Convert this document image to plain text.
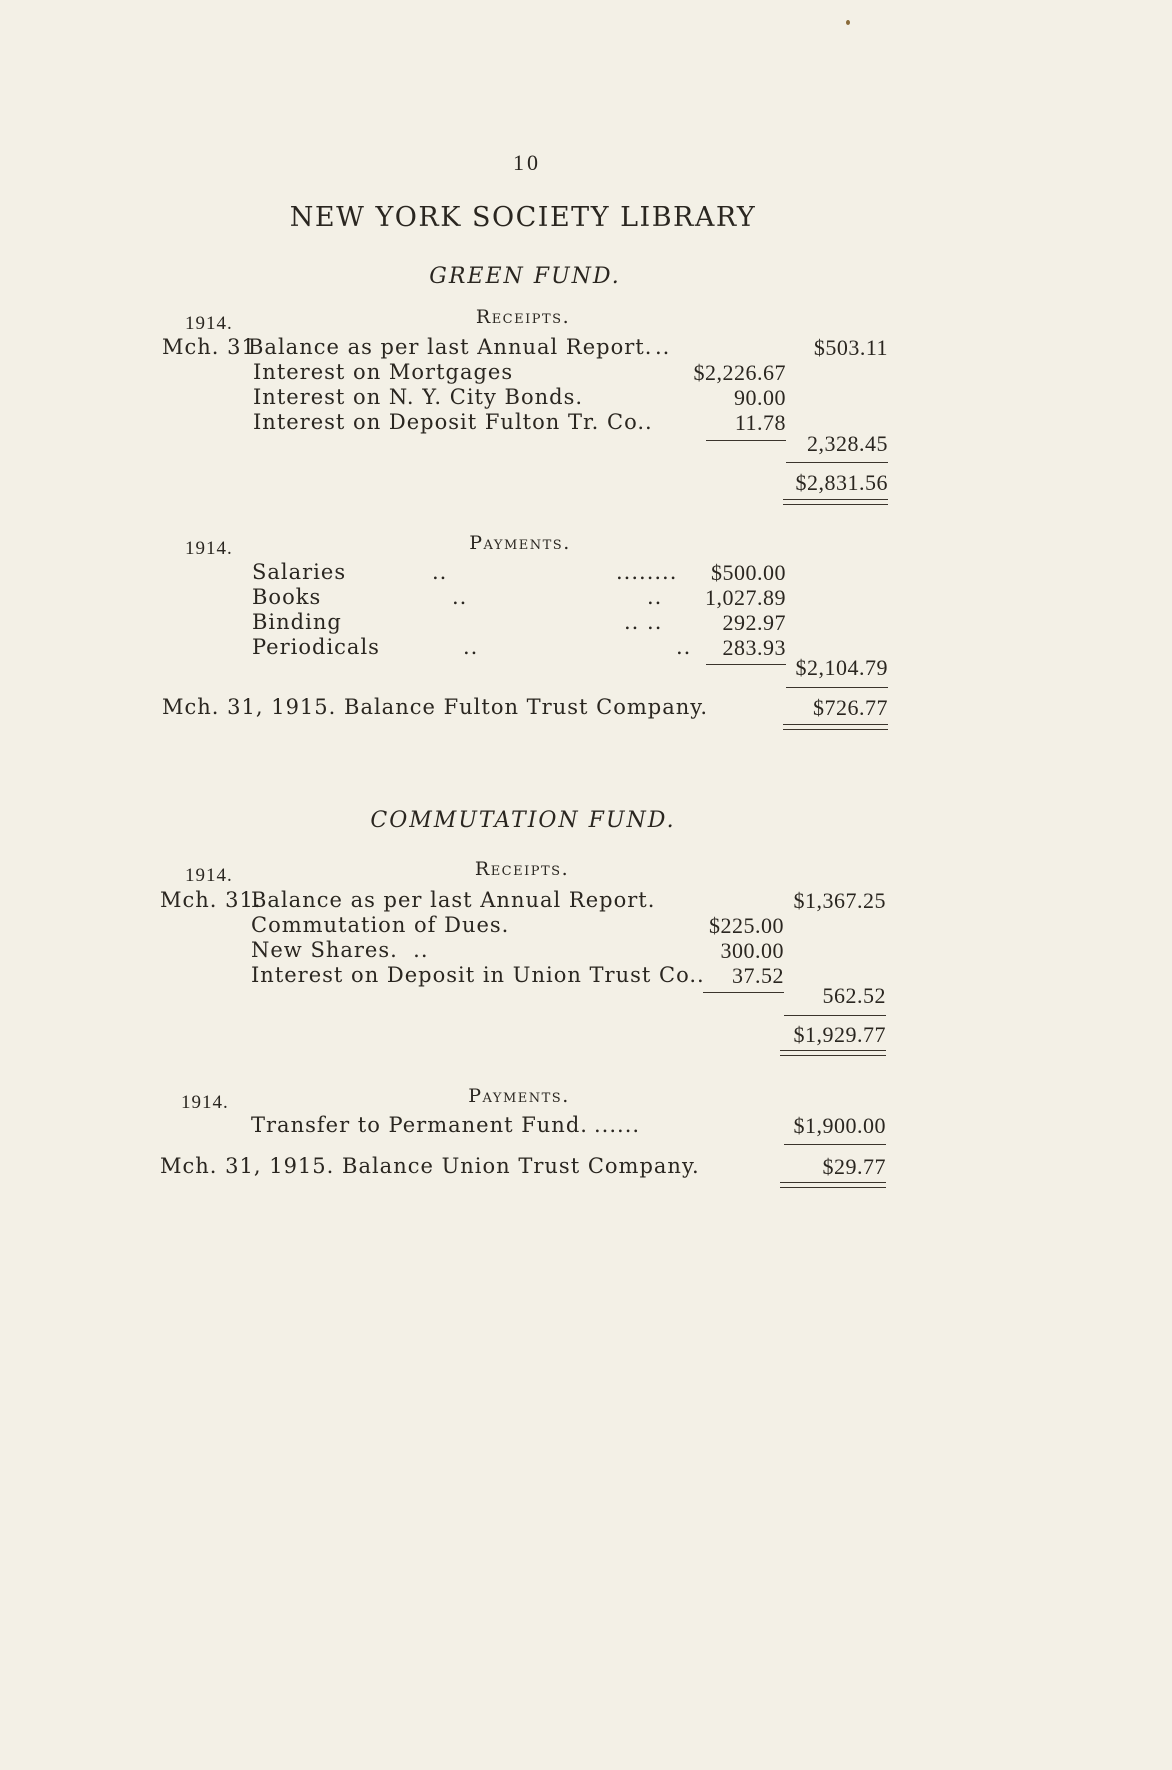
10
NEW YORK SOCIETY LIBRARY
GREEN FUND.
1914.	Receipts.
Mch. 31
Balance as per last Annual Report. ..	$503.11
Interest on Mortgages	$2,226.67
Interest on N. Y. City Bonds.	90.00
Interest on Deposit Fulton Tr. Co..	11.78
2,328.45
$2,831.56
1914.	Payments.
Salaries	..	........ $500.00
Books	..	.. 1,027.89
Binding	.. ..	292.97
Periodicals	..	.. 283.93
$2,104.79
Mch. 31, 1915. Balance Fulton Trust Company.	$726.77
COMMUTATION FUND.
1914.	Receipts.
Mch. 31.
Balance as per last Annual Report.	$1,367.25
Commutation of Dues.	$225.00
New Shares.  ..	300.00
Interest on Deposit in Union Trust Co.. 37.52
562.52
$1,929.77
1914.	Payments.
Transfer to Permanent Fund. ......	$1,900.00
Mch. 31, 1915. Balance Union Trust Company.	$29.77
